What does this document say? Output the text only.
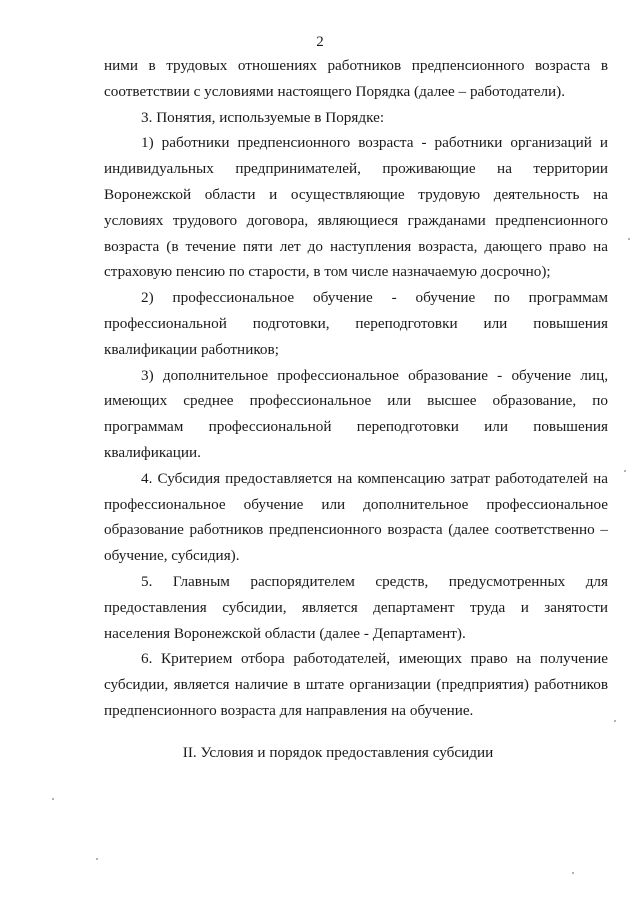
2

ними в трудовых отношениях работников предпенсионного возраста в соответствии с условиями настоящего Порядка (далее – работодатели).

3. Понятия, используемые в Порядке:

1) работники предпенсионного возраста - работники организаций и индивидуальных предпринимателей, проживающие на территории Воронежской области и осуществляющие трудовую деятельность на условиях трудового договора, являющиеся гражданами предпенсионного возраста (в течение пяти лет до наступления возраста, дающего право на страховую пенсию по старости, в том числе назначаемую досрочно);

2) профессиональное обучение - обучение по программам профессиональной подготовки, переподготовки или повышения квалификации работников;

3) дополнительное профессиональное образование - обучение лиц, имеющих среднее профессиональное или высшее образование, по программам профессиональной переподготовки или повышения квалификации.

4. Субсидия предоставляется на компенсацию затрат работодателей на профессиональное обучение или дополнительное профессиональное образование работников предпенсионного возраста (далее соответственно – обучение, субсидия).

5. Главным распорядителем средств, предусмотренных для предоставления субсидии, является департамент труда и занятости населения Воронежской области (далее - Департамент).

6. Критерием отбора работодателей, имеющих право на получение субсидии, является наличие в штате организации (предприятия) работников предпенсионного возраста для направления на обучение.

II. Условия и порядок предоставления субсидии
